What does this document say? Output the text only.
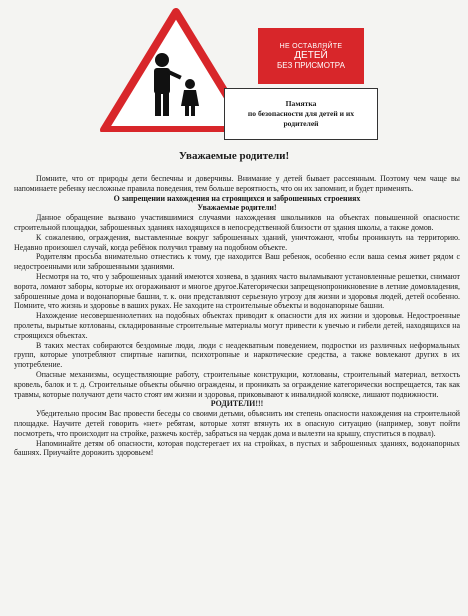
НЕ ОСТАВЛЯЙТЕ
ДЕТЕЙ
БЕЗ ПРИСМОТРА
Памятка
по безопасности для детей и их
родителей
Уважаемые родители!

Помните, что от природы дети беспечны и доверчивы. Внимание у детей бывает рассеянным. Поэтому чем чаще вы напоминаете ребенку несложные правила поведения, тем больше вероятность, что он их запомнит, и будет применять.

О запрещении нахождения на строящихся и заброшенных строениях

Уважаемые родители!

Данное обращение вызвано участившимися случаями нахождения школьников на объектах повышенной опасности: строительной площадки, заброшенных зданиях находящихся в непосредственной близости от здания школы, а также домов.

К сожалению, ограждения, выставленные вокруг заброшенных зданий, уничтожают, чтобы проникнуть на территорию. Недавно произошел случай, когда ребёнок получил травму на подобном объекте.

Родителям просьба внимательно отнестись к тому, где находится Ваш ребенок, особенно если ваша семья живет рядом с недостроенными или заброшенными зданиями.

Несмотря на то, что у заброшенных зданий имеются хозяева, в зданиях часто выламывают установленные решетки, снимают ворота, ломают заборы, которые их огораживают и многое другое.Категорически запрещенопроникновение в летние домовладения, заброшенные дома и водонапорные башни, т. к. они представляют серьезную угрозу для жизни и здоровья людей, детей особенно. Помните, что жизнь и здоровье в ваших руках. Не заходите на строительные объекты и водонапорные башни.

Нахождение несовершеннолетних на подобных объектах приводит к опасности для их жизни и здоровья. Недостроенные пролеты, вырытые котлованы, складированные строительные материалы могут привести к увечью и гибели детей, находящихся на строящихся объектах.

В таких местах собираются бездомные люди, люди с неадекватным поведением, подростки из различных неформальных групп, которые употребляют спиртные напитки, психотропные и наркотические средства, а также вовлекают других в их употребление.

Опасные механизмы, осуществляющие работу, строительные конструкции, котлованы, строительный материал, ветхость кровель, балок и т. д. Строительные объекты обычно ограждены, и проникать за ограждение категорически воспрещается, так как травмы, которые получают дети часто стоят им жизни и здоровья, приковывают к инвалидной коляске, лишают подвижности.

РОДИТЕЛИ!!!

Убедительно просим Вас провести беседы со своими детьми, объяснить им степень опасности нахождения на строительной площадке. Научите детей говорить «нет» ребятам, которые хотят втянуть их в опасную ситуацию (например, зовут пойти посмотреть, что происходит на стройке, разжечь костёр, забраться на чердак дома и вылезти на крышу, спуститься в подвал).

Напоминайте детям об опасности, которая подстерегает их на стройках, в пустых и заброшенных зданиях, водонапорных башнях. Приучайте дорожить здоровьем!
